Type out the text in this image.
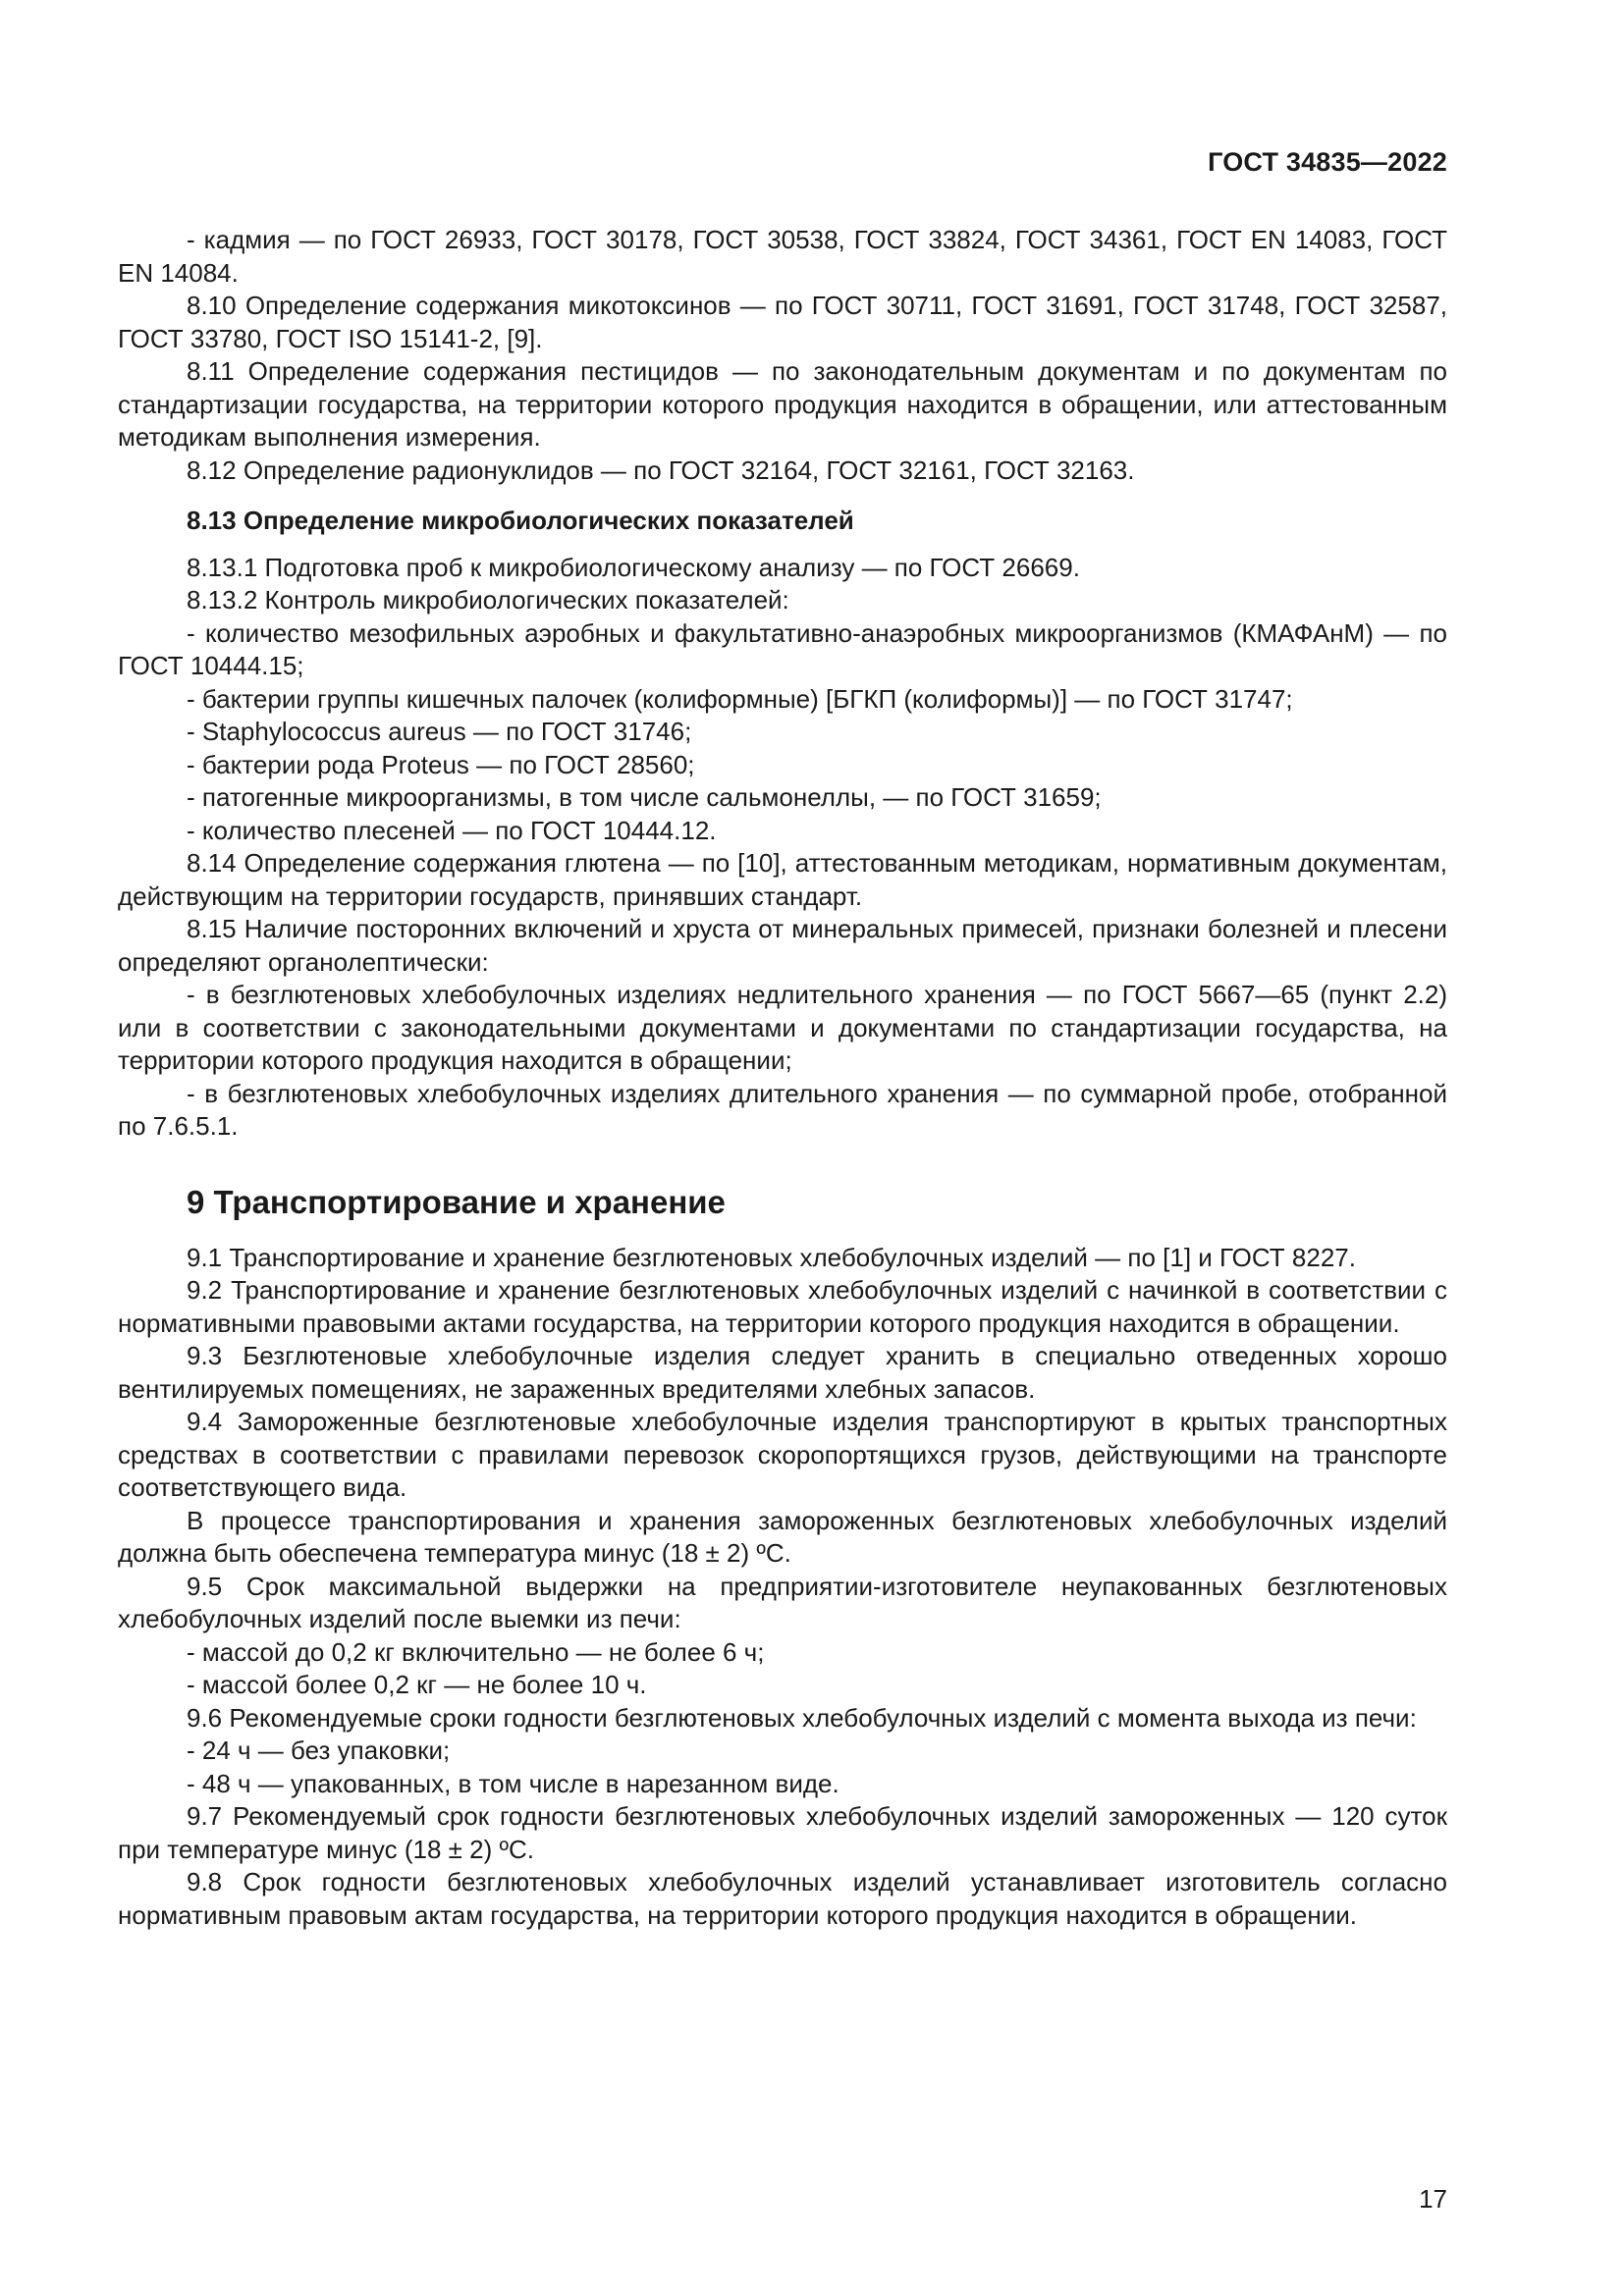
ГОСТ 34835—2022

- кадмия — по ГОСТ 26933, ГОСТ 30178, ГОСТ 30538, ГОСТ 33824, ГОСТ 34361, ГОСТ EN 14083, ГОСТ EN 14084.

8.10 Определение содержания микотоксинов — по ГОСТ 30711, ГОСТ 31691, ГОСТ 31748, ГОСТ 32587, ГОСТ 33780, ГОСТ ISO 15141-2, [9].

8.11 Определение содержания пестицидов — по законодательным документам и по документам по стандартизации государства, на территории которого продукция находится в обращении, или аттестованным методикам выполнения измерения.

8.12 Определение радионуклидов — по ГОСТ 32164, ГОСТ 32161, ГОСТ 32163.

8.13 Определение микробиологических показателей

8.13.1 Подготовка проб к микробиологическому анализу — по ГОСТ 26669.

8.13.2 Контроль микробиологических показателей:

- количество мезофильных аэробных и факультативно-анаэробных микроорганизмов (КМАФАнМ) — по ГОСТ 10444.15;

- бактерии группы кишечных палочек (колиформные) [БГКП (колиформы)] — по ГОСТ 31747;

- Staphylococcus aureus — по ГОСТ 31746;

- бактерии рода Proteus — по ГОСТ 28560;

- патогенные микроорганизмы, в том числе сальмонеллы, — по ГОСТ 31659;

- количество плесеней — по ГОСТ 10444.12.

8.14 Определение содержания глютена — по [10], аттестованным методикам, нормативным документам, действующим на территории государств, принявших стандарт.

8.15 Наличие посторонних включений и хруста от минеральных примесей, признаки болезней и плесени определяют органолептически:

- в безглютеновых хлебобулочных изделиях недлительного хранения — по ГОСТ 5667—65 (пункт 2.2) или в соответствии с законодательными документами и документами по стандартизации государства, на территории которого продукция находится в обращении;

- в безглютеновых хлебобулочных изделиях длительного хранения — по суммарной пробе, отобранной по 7.6.5.1.

9 Транспортирование и хранение

9.1 Транспортирование и хранение безглютеновых хлебобулочных изделий — по [1] и ГОСТ 8227.

9.2 Транспортирование и хранение безглютеновых хлебобулочных изделий с начинкой в соответствии с нормативными правовыми актами государства, на территории которого продукция находится в обращении.

9.3 Безглютеновые хлебобулочные изделия следует хранить в специально отведенных хорошо вентилируемых помещениях, не зараженных вредителями хлебных запасов.

9.4 Замороженные безглютеновые хлебобулочные изделия транспортируют в крытых транспортных средствах в соответствии с правилами перевозок скоропортящихся грузов, действующими на транспорте соответствующего вида.

В процессе транспортирования и хранения замороженных безглютеновых хлебобулочных изделий должна быть обеспечена температура минус (18 ± 2) ºС.

9.5 Срок максимальной выдержки на предприятии-изготовителе неупакованных безглютеновых хлебобулочных изделий после выемки из печи:

- массой до 0,2 кг включительно — не более 6 ч;

- массой более 0,2 кг — не более 10 ч.

9.6 Рекомендуемые сроки годности безглютеновых хлебобулочных изделий с момента выхода из печи:

- 24 ч — без упаковки;

- 48 ч — упакованных, в том числе в нарезанном виде.

9.7 Рекомендуемый срок годности безглютеновых хлебобулочных изделий замороженных — 120 суток при температуре минус (18 ± 2) ºС.

9.8 Срок годности безглютеновых хлебобулочных изделий устанавливает изготовитель согласно нормативным правовым актам государства, на территории которого продукция находится в обращении.

17
